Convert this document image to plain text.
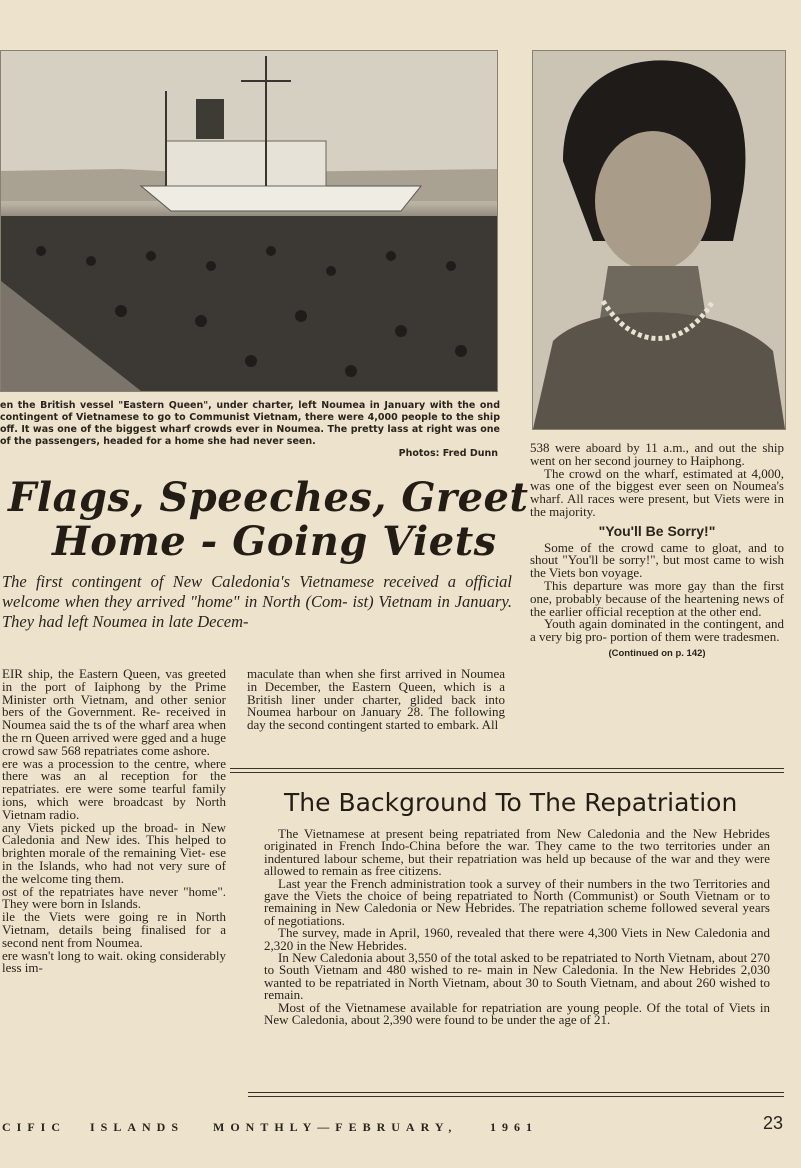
en the British vessel "Eastern Queen", under charter, left Noumea in January with the ond contingent of Vietnamese to go to Communist Vietnam, there were 4,000 people to the ship off. It was one of the biggest wharf crowds ever in Noumea. The pretty lass at right was one of the passengers, headed for a home she had never seen.
Photos: Fred Dunn
Flags, Speeches, Greet
Home - Going Viets
The first contingent of New Caledonia's Vietnamese received a official welcome when they arrived "home" in North (Com- ist) Vietnam in January. They had left Noumea in late Decem-

EIR ship, the Eastern Queen, vas greeted in the port of Iaiphong by the Prime Minister orth Vietnam, and other senior bers of the Government. Re- received in Noumea said the ts of the wharf area when the rn Queen arrived were gged and a huge crowd saw 568 repatriates come ashore.

ere was a procession to the centre, where there was an al reception for the repatriates. ere were some tearful family ions, which were broadcast by North Vietnam radio.

any Viets picked up the broad- in New Caledonia and New ides. This helped to brighten morale of the remaining Viet- ese in the Islands, who had not very sure of the welcome ting them.

ost of the repatriates have never "home". They were born in Islands.

ile the Viets were going re in North Vietnam, details being finalised for a second nent from Noumea.

ere wasn't long to wait. oking considerably less im-

maculate than when she first arrived in Noumea in December, the Eastern Queen, which is a British liner under charter, glided back into Noumea harbour on January 28. The following day the second contingent started to embark. All

538 were aboard by 11 a.m., and out the ship went on her second journey to Haiphong.

The crowd on the wharf, estimated at 4,000, was one of the biggest ever seen on Noumea's wharf. All races were present, but Viets were in the majority.

"You'll Be Sorry!"

Some of the crowd came to gloat, and to shout "You'll be sorry!", but most came to wish the Viets bon voyage.

This departure was more gay than the first one, probably because of the heartening news of the earlier official reception at the other end.

Youth again dominated in the contingent, and a very big pro- portion of them were tradesmen.

(Continued on p. 142)
The Background To The Repatriation

The Vietnamese at present being repatriated from New Caledonia and the New Hebrides originated in French Indo-China before the war. They came to the two territories under an indentured labour scheme, but their repatriation was held up because of the war and they were allowed to remain as free citizens.

Last year the French administration took a survey of their numbers in the two Territories and gave the Viets the choice of being repatriated to North (Communist) or South Vietnam or to remaining in New Caledonia or New Hebrides. The repatriation scheme followed several years of negotiations.

The survey, made in April, 1960, revealed that there were 4,300 Viets in New Caledonia and 2,320 in the New Hebrides.

In New Caledonia about 3,550 of the total asked to be repatriated to North Vietnam, about 270 to South Vietnam and 480 wished to re- main in New Caledonia. In the New Hebrides 2,030 wanted to be repatriated in North Vietnam, about 30 to South Vietnam, and about 260 wished to remain.

Most of the Vietnamese available for repatriation are young people. Of the total of Viets in New Caledonia, about 2,390 were found to be under the age of 21.

CIFIC ISLANDS MONTHLY—FEBRUARY,	1961	23
